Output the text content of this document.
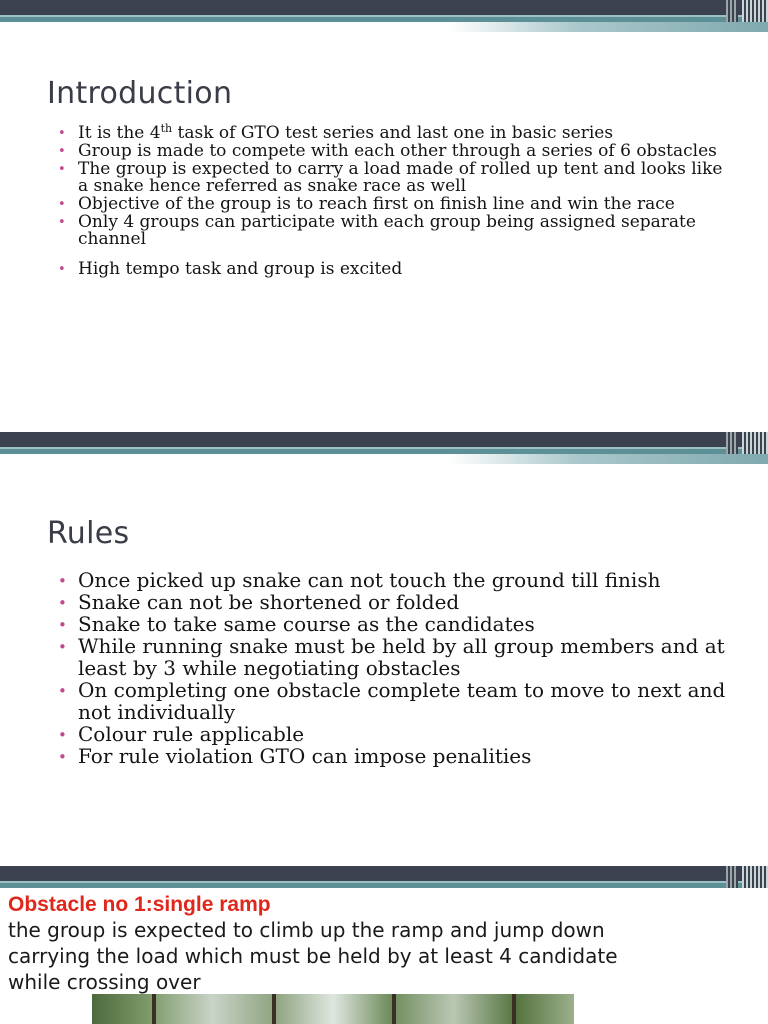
Introduction
• It is the 4th task of GTO test series and last one in basic series
• Group is made to compete with each other through a series of 6 obstacles
• The group is expected to carry a load made of rolled up tent and looks like a snake hence referred as snake race as well
• Objective of the group is to reach first on finish line and win the race
• Only 4 groups can participate with each group being assigned separate channel
• High tempo task and group is excited
Rules
• Once picked up snake can not touch the ground till finish
• Snake can not be shortened or folded
• Snake to take same course as the candidates
• While running snake must be held by all group members and at least by 3 while negotiating obstacles
• On completing one obstacle complete team to move to next and not individually
• Colour rule applicable
• For rule violation GTO can impose penalities
Obstacle no 1:single ramp
the group is expected to climb up the ramp and jump down carrying the load which must be held by at least 4 candidate while crossing over
